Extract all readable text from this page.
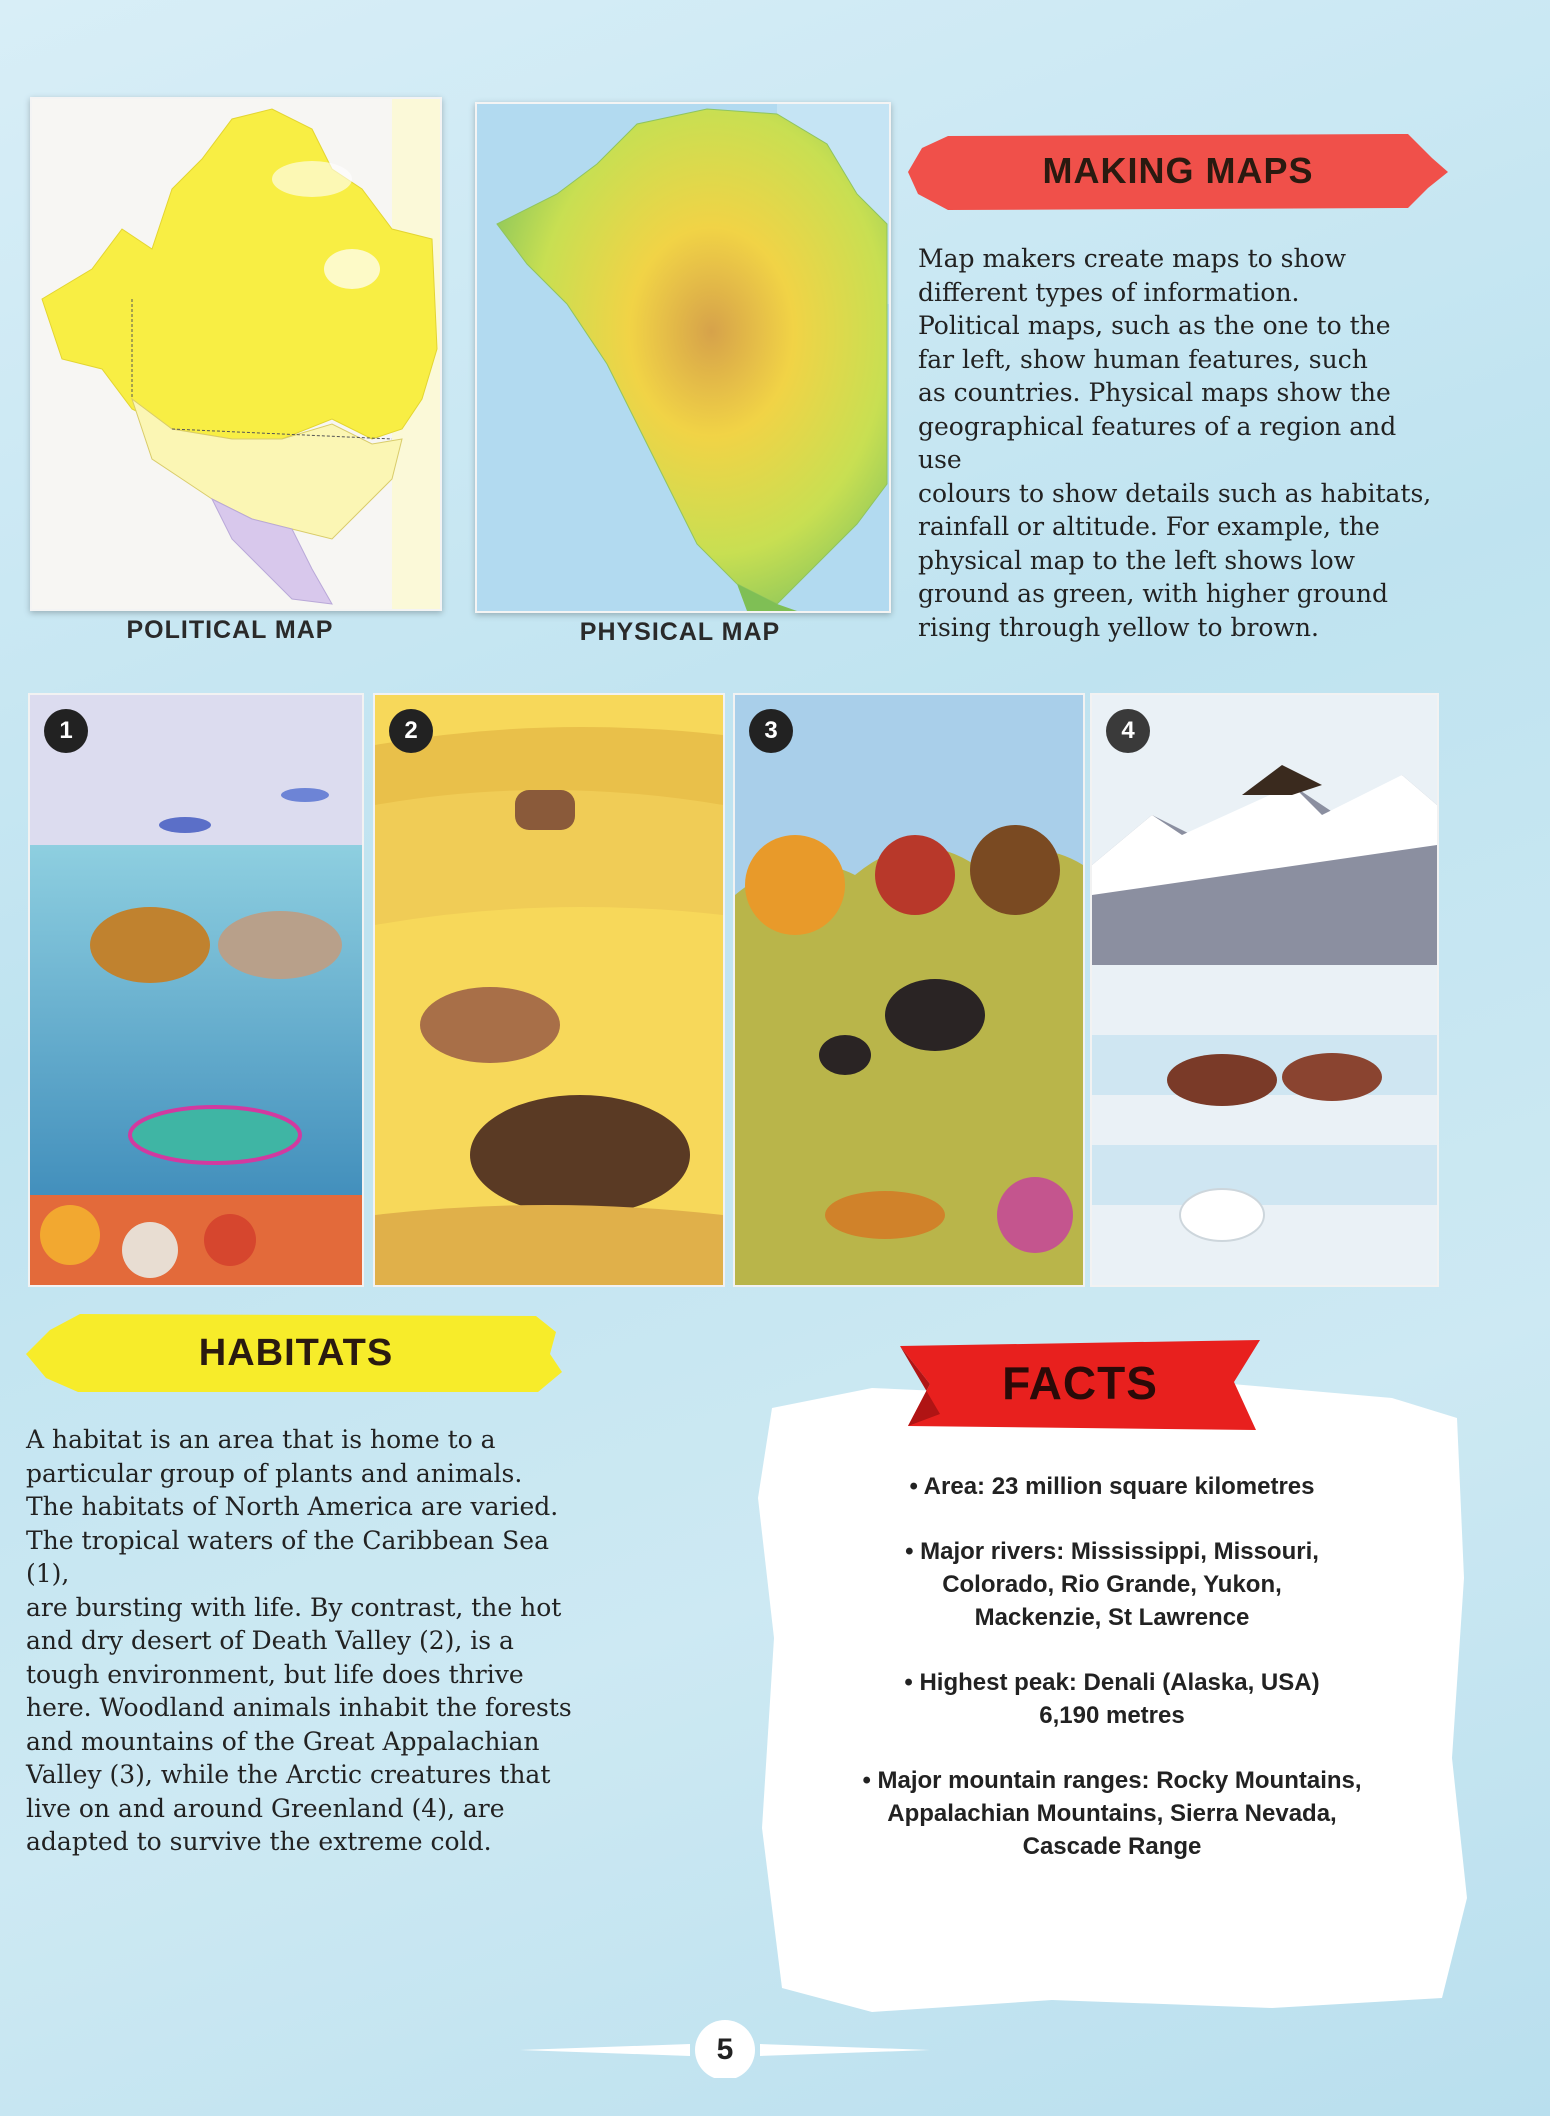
POLITICAL MAP	PHYSICAL MAP
MAKING MAPS
Map makers create maps to show
different types of information.
Political maps, such as the one to the
far left, show human features, such
as countries. Physical maps show the
geographical features of a region and use
colours to show details such as habitats,
rainfall or altitude. For example, the
physical map to the left shows low
ground as green, with higher ground
rising through yellow to brown.
1	2	3	4
HABITATS
A habitat is an area that is home to a
particular group of plants and animals.
The habitats of North America are varied.
The tropical waters of the Caribbean Sea (1),
are bursting with life. By contrast, the hot
and dry desert of Death Valley (2), is a
tough environment, but life does thrive
here. Woodland animals inhabit the forests
and mountains of the Great Appalachian
Valley (3), while the Arctic creatures that
live on and around Greenland (4), are
adapted to survive the extreme cold.
• Area: 23 million square kilometres
• Major rivers: Mississippi, Missouri,
Colorado, Rio Grande, Yukon,
Mackenzie, St Lawrence
• Highest peak: Denali (Alaska, USA)
6,190 metres
• Major mountain ranges: Rocky Mountains,
Appalachian Mountains, Sierra Nevada,
Cascade Range
FACTS
5
